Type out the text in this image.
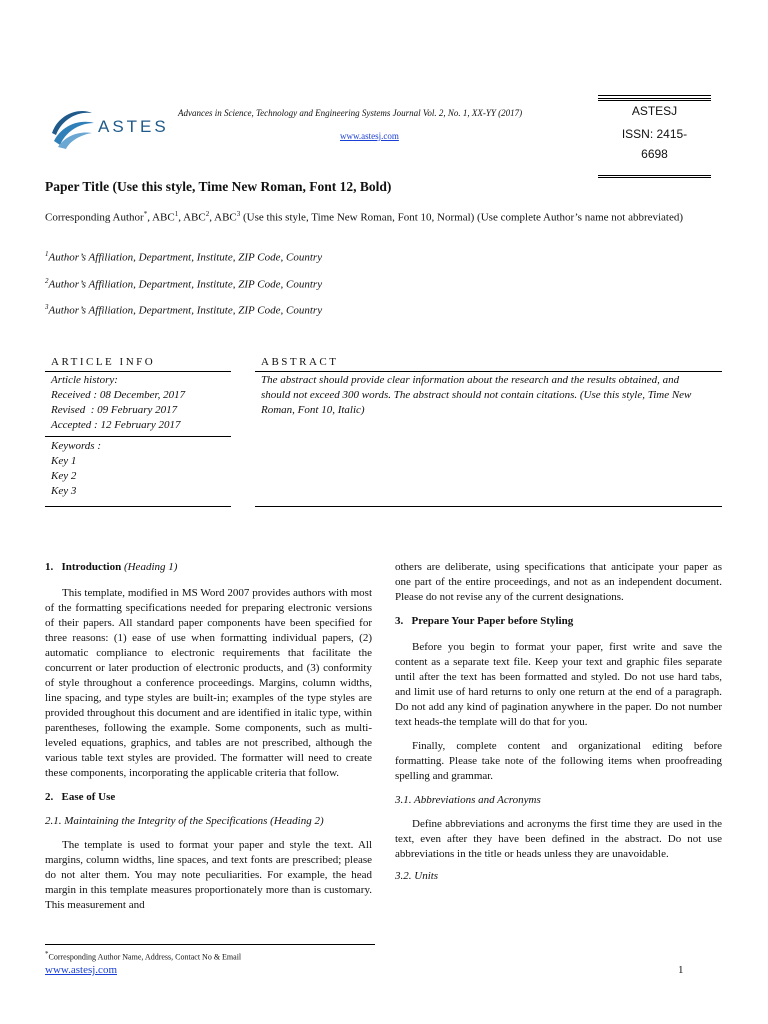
ASTES
Advances in Science, Technology and Engineering Systems Journal Vol. 2, No. 1, XX-YY (2017)
www.astesj.com
ASTESJ
ISSN: 2415-
6698
Paper Title (Use this style, Time New Roman, Font 12, Bold)
Corresponding Author*, ABC$^1$, ABC$^2$, ABC$^3$ (Use this style, Time New Roman, Font 10, Normal) (Use complete Author’s name not abbreviated)
$^1$Author’s Affiliation, Department, Institute, ZIP Code, Country
$^2$Author’s Affiliation, Department, Institute, ZIP Code, Country
$^3$Author’s Affiliation, Department, Institute, ZIP Code, Country
ARTICLE INFO
Article history:
Received : 08 December, 2017
Revised  : 09 February 2017
Accepted : 12 February 2017
Keywords :
Key 1
Key 2
Key 3
ABSTRACT
The abstract should provide clear information about the research and the results obtained, and should not exceed 300 words. The abstract should not contain citations. (Use this style, Time New Roman, Font 10, Italic)

1. Introduction (Heading 1)

This template, modified in MS Word 2007 provides authors with most of the formatting specifications needed for preparing electronic versions of their papers. All standard paper components have been specified for three reasons: (1) ease of use when formatting individual papers, (2) automatic compliance to electronic requirements that facilitate the concurrent or later production of electronic products, and (3) conformity of style throughout a conference proceedings. Margins, column widths, line spacing, and type styles are built-in; examples of the type styles are provided throughout this document and are identified in italic type, within parentheses, following the example. Some components, such as multi-leveled equations, graphics, and tables are not prescribed, although the various table text styles are provided. The formatter will need to create these components, incorporating the applicable criteria that follow.

2. Ease of Use

2.1. Maintaining the Integrity of the Specifications (Heading 2)

The template is used to format your paper and style the text. All margins, column widths, line spaces, and text fonts are prescribed; please do not alter them. You may note peculiarities. For example, the head margin in this template measures proportionately more than is customary. This measurement and

others are deliberate, using specifications that anticipate your paper as one part of the entire proceedings, and not as an independent document. Please do not revise any of the current designations.

3. Prepare Your Paper before Styling

Before you begin to format your paper, first write and save the content as a separate text file. Keep your text and graphic files separate until after the text has been formatted and styled. Do not use hard tabs, and limit use of hard returns to only one return at the end of a paragraph. Do not add any kind of pagination anywhere in the paper. Do not number text heads-the template will do that for you.

Finally, complete content and organizational editing before formatting. Please take note of the following items when proofreading spelling and grammar.

3.1. Abbreviations and Acronyms

Define abbreviations and acronyms the first time they are used in the text, even after they have been defined in the abstract. Do not use abbreviations in the title or heads unless they are unavoidable.

3.2. Units

*Corresponding Author Name, Address, Contact No & Email
www.astesj.com	1
